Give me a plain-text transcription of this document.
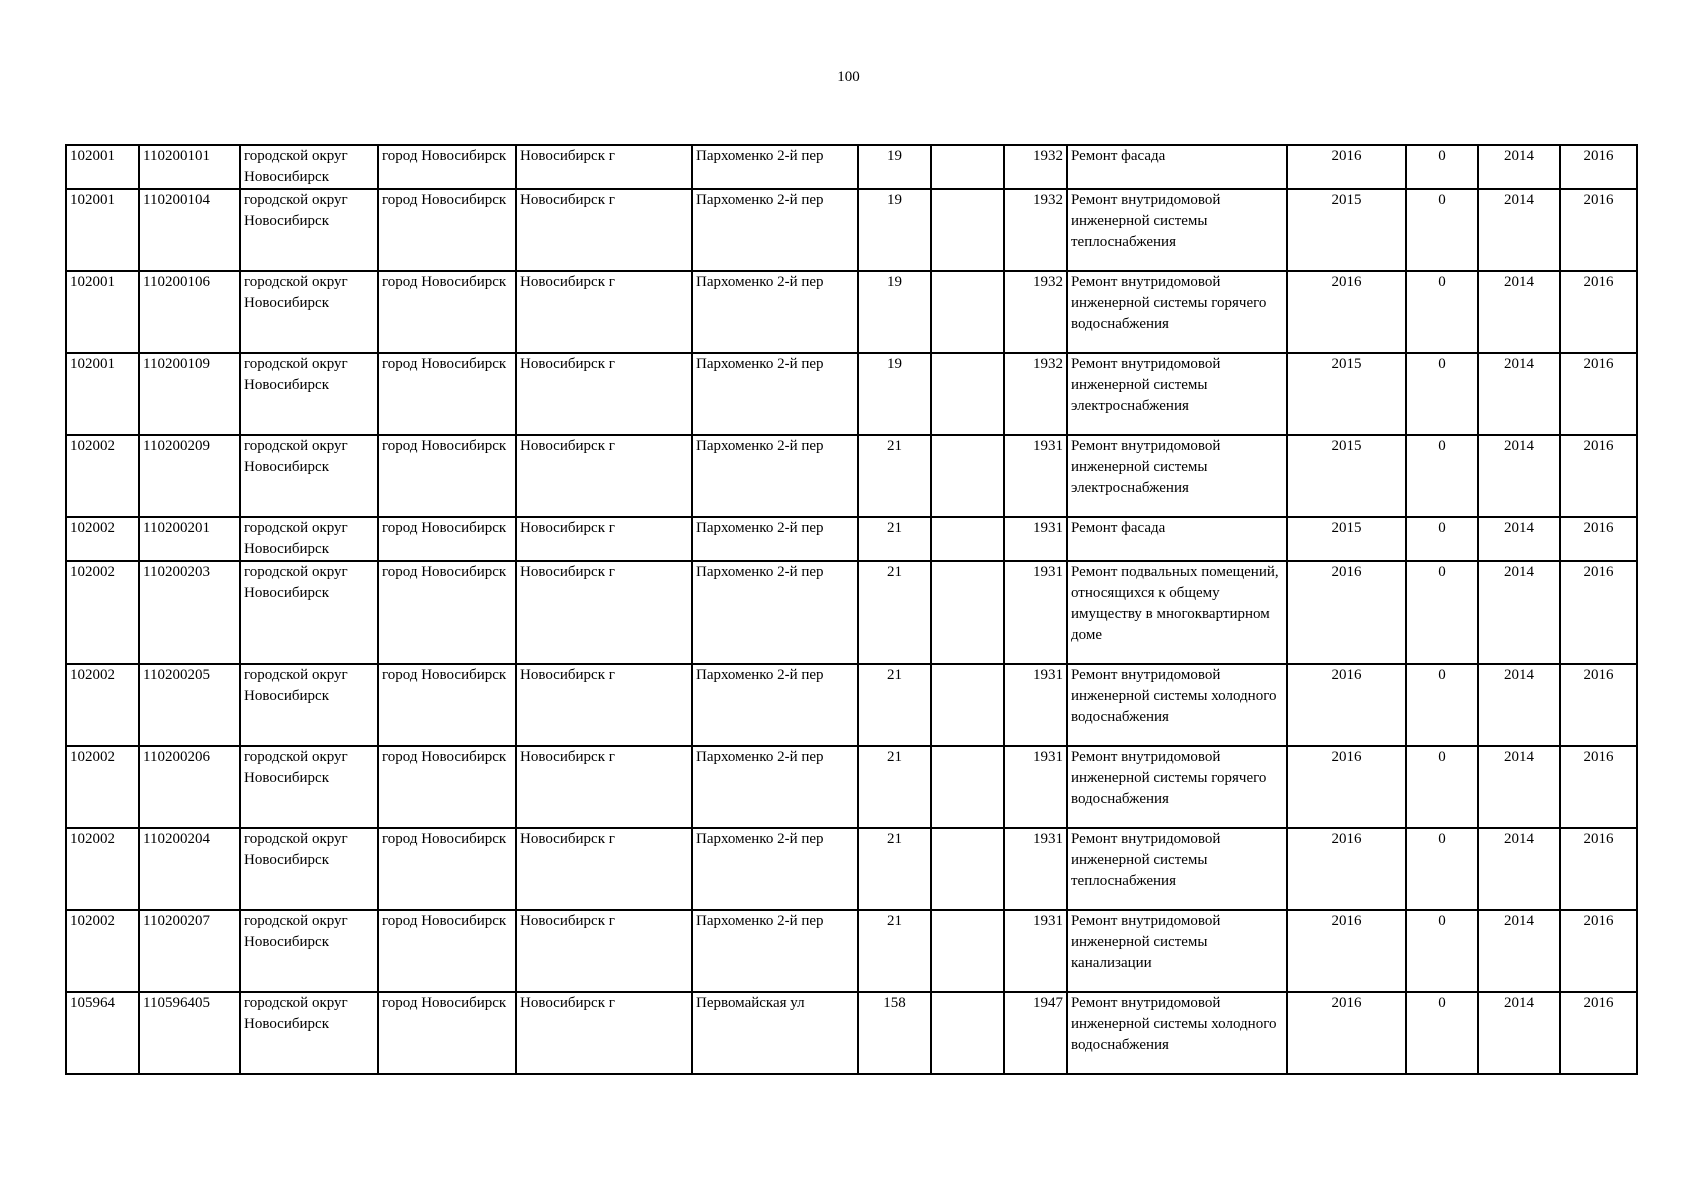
100
102001	110200101	городской округ Новосибирск	город Новосибирск	Новосибирск г	Пархоменко 2-й пер	19		1932	Ремонт фасада	2016	0	2014	2016
102001	110200104	городской округ Новосибирск	город Новосибирск	Новосибирск г	Пархоменко 2-й пер	19		1932	Ремонт внутридомовой инженерной системы теплоснабжения	2015	0	2014	2016
102001	110200106	городской округ Новосибирск	город Новосибирск	Новосибирск г	Пархоменко 2-й пер	19		1932	Ремонт внутридомовой инженерной системы горячего водоснабжения	2016	0	2014	2016
102001	110200109	городской округ Новосибирск	город Новосибирск	Новосибирск г	Пархоменко 2-й пер	19		1932	Ремонт внутридомовой инженерной системы электроснабжения	2015	0	2014	2016
102002	110200209	городской округ Новосибирск	город Новосибирск	Новосибирск г	Пархоменко 2-й пер	21		1931	Ремонт внутридомовой инженерной системы электроснабжения	2015	0	2014	2016
102002	110200201	городской округ Новосибирск	город Новосибирск	Новосибирск г	Пархоменко 2-й пер	21		1931	Ремонт фасада	2015	0	2014	2016
102002	110200203	городской округ Новосибирск	город Новосибирск	Новосибирск г	Пархоменко 2-й пер	21		1931	Ремонт подвальных помещений, относящихся к общему имуществу в многоквартирном доме	2016	0	2014	2016
102002	110200205	городской округ Новосибирск	город Новосибирск	Новосибирск г	Пархоменко 2-й пер	21		1931	Ремонт внутридомовой инженерной системы холодного водоснабжения	2016	0	2014	2016
102002	110200206	городской округ Новосибирск	город Новосибирск	Новосибирск г	Пархоменко 2-й пер	21		1931	Ремонт внутридомовой инженерной системы горячего водоснабжения	2016	0	2014	2016
102002	110200204	городской округ Новосибирск	город Новосибирск	Новосибирск г	Пархоменко 2-й пер	21		1931	Ремонт внутридомовой инженерной системы теплоснабжения	2016	0	2014	2016
102002	110200207	городской округ Новосибирск	город Новосибирск	Новосибирск г	Пархоменко 2-й пер	21		1931	Ремонт внутридомовой инженерной системы канализации	2016	0	2014	2016
105964	110596405	городской округ Новосибирск	город Новосибирск	Новосибирск г	Первомайская ул	158		1947	Ремонт внутридомовой инженерной системы холодного водоснабжения	2016	0	2014	2016
